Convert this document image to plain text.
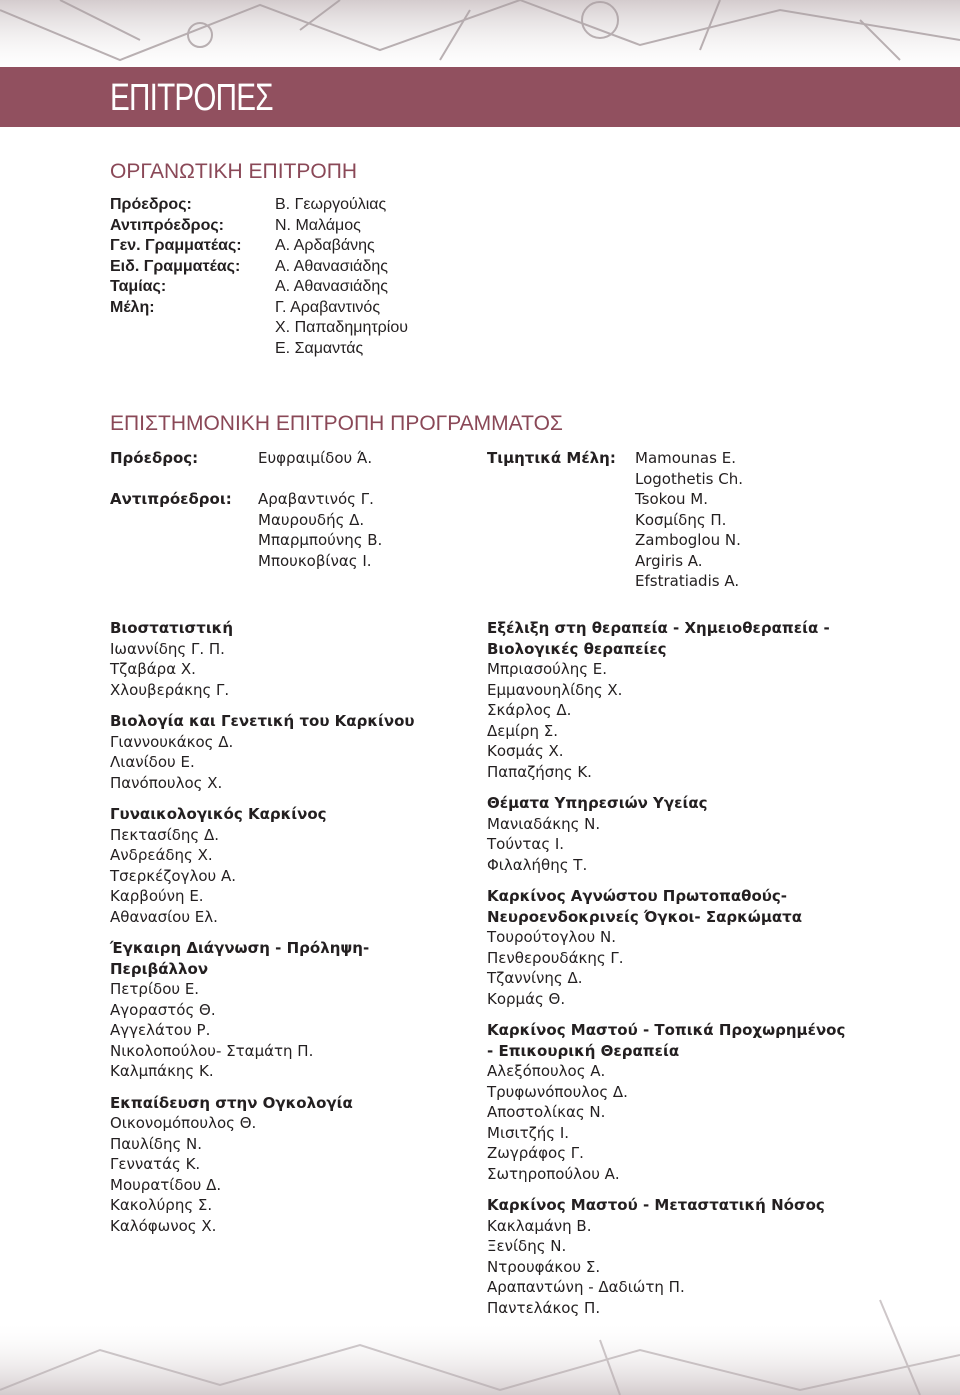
ΕΠΙΤΡΟΠΕΣ
ΟΡΓΑΝΩΤΙΚΗ ΕΠΙΤΡΟΠΗ
Πρόεδρος:
Αντιπρόεδρος:
Γεν. Γραμματέας:
Ειδ. Γραμματέας:
Ταμίας:
Μέλη:

Β. Γεωργούλιας
Ν. Μαλάμος
Α. Αρδαβάνης
Α. Αθανασιάδης
Α. Αθανασιάδης
Γ. Αραβαντινός
Χ. Παπαδημητρίου
Ε. Σαμαντάς
ΕΠΙΣΤΗΜΟΝΙΚΗ ΕΠΙΤΡΟΠΗ ΠΡΟΓΡΑΜΜΑΤΟΣ
Πρόεδρος:	Ευφραιμίδου Ά.
Αντιπρόεδροι: Αραβαντινός Γ.
Μαυρουδής Δ.
Μπαρμπούνης Β.
Μπουκοβίνας Ι.
Τιμητικά Μέλη: Mamounas E.
Logothetis Ch.
Tsokou M.
Κοσμίδης Π.
Zamboglou N.
Argiris A.
Efstratiadis A.
Βιοστατιστική
Ιωαννίδης Γ. Π.
Τζαβάρα Χ.
Χλουβεράκης Γ.
Βιολογία και Γενετική του Καρκίνου
Γιαννουκάκος Δ.
Λιανίδου Ε.
Πανόπουλος Χ.
Γυναικολογικός Καρκίνος
Πεκτασίδης Δ.
Ανδρεάδης Χ.
Τσερκέζογλου Α.
Καρβούνη Ε.
Αθανασίου Ελ.
Έγκαιρη Διάγνωση - Πρόληψη-
Περιβάλλον
Πετρίδου Ε.
Αγοραστός Θ.
Αγγελάτου Ρ.
Νικολοπούλου- Σταμάτη Π.
Καλμπάκης Κ.
Εκπαίδευση στην Ογκολογία
Οικονομόπουλος Θ.
Παυλίδης Ν.
Γεννατάς Κ.
Μουρατίδου Δ.
Κακολύρης Σ.
Καλόφωνος Χ.
Εξέλιξη στη θεραπεία - Χημειοθεραπεία -
Βιολογικές θεραπείες
Μπριασούλης Ε.
Εμμανουηλίδης Χ.
Σκάρλος Δ.
Δεμίρη Σ.
Κοσμάς Χ.
Παπαζήσης Κ.
Θέματα Υπηρεσιών Υγείας
Μανιαδάκης Ν.
Τούντας Ι.
Φιλαλήθης Τ.
Καρκίνος Αγνώστου Πρωτοπαθούς-
Νευροενδοκρινείς Όγκοι- Σαρκώματα
Τουρούτογλου Ν.
Πενθερουδάκης Γ.
Τζαννίνης Δ.
Κορμάς Θ.
Καρκίνος Μαστού - Τοπικά Προχωρημένος
- Επικουρική Θεραπεία
Αλεξόπουλος Α.
Τρυφωνόπουλος Δ.
Αποστολίκας Ν.
Μισιτζής Ι.
Ζωγράφος Γ.
Σωτηροπούλου Α.
Καρκίνος Μαστού - Μεταστατική Νόσος
Κακλαμάνη Β.
Ξενίδης Ν.
Ντρουφάκου Σ.
Αραπαντώνη - Δαδιώτη Π.
Παντελάκος Π.
